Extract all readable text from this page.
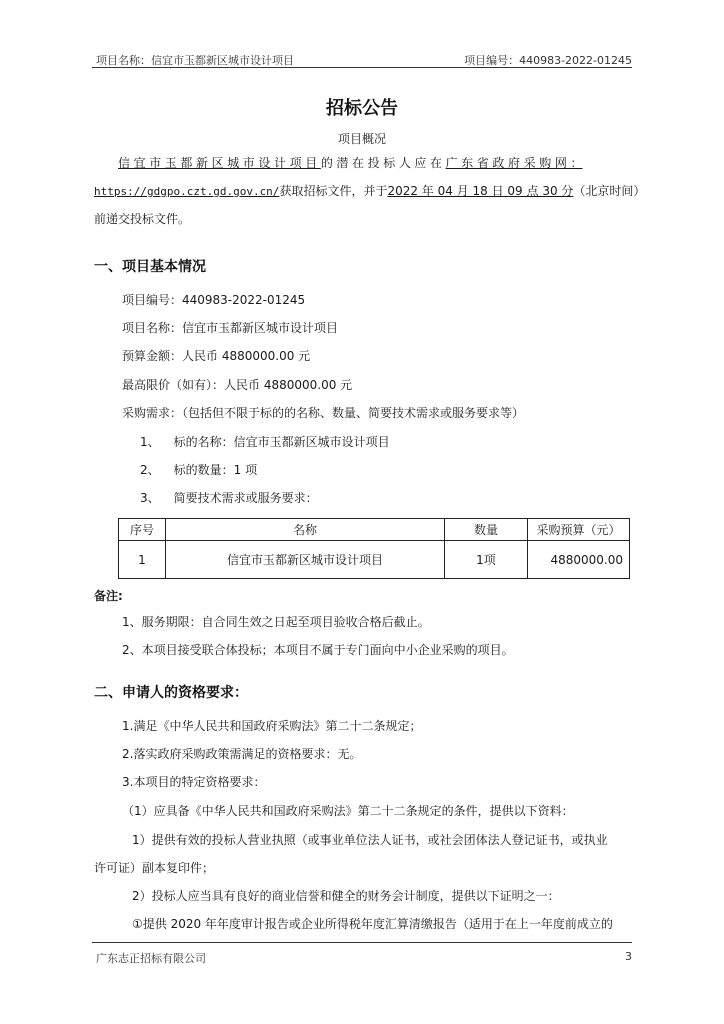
项目名称：信宜市玉都新区城市设计项目	项目编号：440983-2022-01245
招标公告
项目概况
信宜市玉都新区城市设计项目的潜在投标人应在广东省政府采购网：
https://gdgpo.czt.gd.gov.cn/获取招标文件，并于2022 年 04 月 18 日 09 点 30 分（北京时间）
前递交投标文件。
一、项目基本情况
项目编号：440983-2022-01245
项目名称：信宜市玉都新区城市设计项目
预算金额：人民币 4880000.00 元
最高限价（如有）：人民币 4880000.00 元
采购需求：（包括但不限于标的的名称、数量、简要技术需求或服务要求等）
1、 标的名称：信宜市玉都新区城市设计项目
2、 标的数量：1 项
3、 简要技术需求或服务要求：
序号	名称	数量	采购预算（元）
1	信宜市玉都新区城市设计项目	1项	4880000.00
备注:
1、服务期限：自合同生效之日起至项目验收合格后截止。
2、本项目接受联合体投标；本项目不属于专门面向中小企业采购的项目。
二、申请人的资格要求：
1.满足《中华人民共和国政府采购法》第二十二条规定；
2.落实政府采购政策需满足的资格要求：无。
3.本项目的特定资格要求：
（1）应具备《中华人民共和国政府采购法》第二十二条规定的条件，提供以下资料：
1）提供有效的投标人营业执照（或事业单位法人证书，或社会团体法人登记证书，或执业
许可证）副本复印件；
2）投标人应当具有良好的商业信誉和健全的财务会计制度，提供以下证明之一：
①提供 2020 年年度审计报告或企业所得税年度汇算清缴报告（适用于在上一年度前成立的
广东志正招标有限公司	3
